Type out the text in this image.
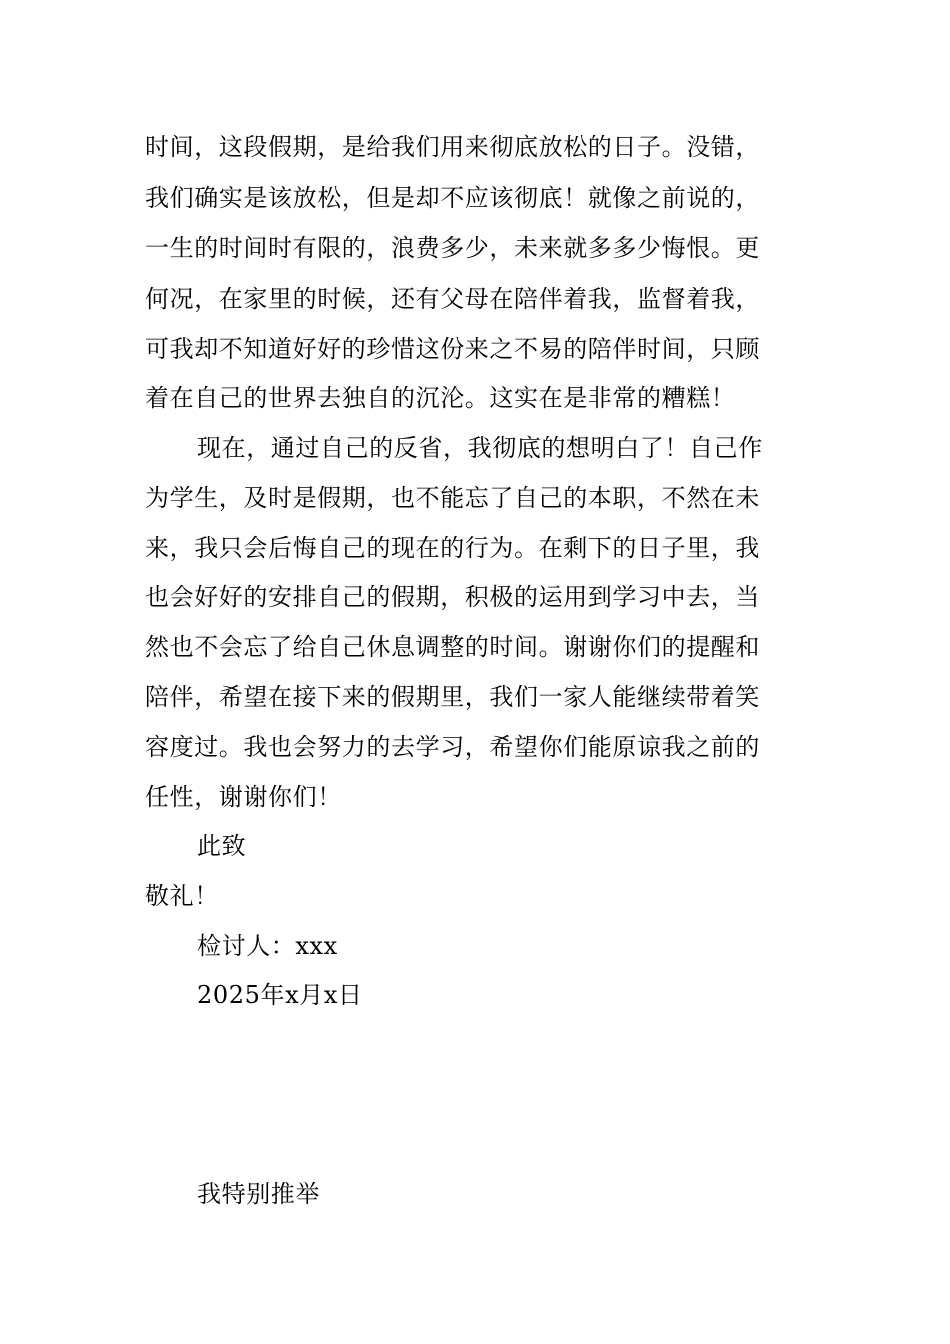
时间，这段假期，是给我们用来彻底放松的日子。没错，
我们确实是该放松，但是却不应该彻底！就像之前说的，
一生的时间时有限的，浪费多少，未来就多多少悔恨。更
何况，在家里的时候，还有父母在陪伴着我，监督着我，
可我却不知道好好的珍惜这份来之不易的陪伴时间，只顾
着在自己的世界去独自的沉沦。这实在是非常的糟糕！
现在，通过自己的反省，我彻底的想明白了！自己作
为学生，及时是假期，也不能忘了自己的本职，不然在未
来，我只会后悔自己的现在的行为。在剩下的日子里，我
也会好好的安排自己的假期，积极的运用到学习中去，当
然也不会忘了给自己休息调整的时间。谢谢你们的提醒和
陪伴，希望在接下来的假期里，我们一家人能继续带着笑
容度过。我也会努力的去学习，希望你们能原谅我之前的
任性，谢谢你们！
此致
敬礼！
检讨人：xxx
2025年x月x日
我特别推举
